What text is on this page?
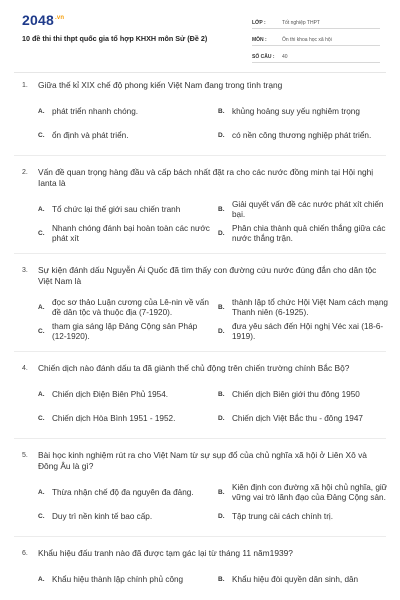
$2048^{.vn}$
10 đề thi thi thpt quốc gia tổ hợp KHXH môn Sử (Đề 2)
LỚP :	Tốt nghiệp THPT
MÔN :	Ôn thi khoa học xã hội
SỐ CÂU :	40
1. Giữa thế kỉ XIX chế độ phong kiến Việt Nam đang trong tình trạng
A. phát triển nhanh chóng.	B. khủng hoảng suy yếu nghiêm trọng
C. ổn định và phát triển.	D. có nền công thương nghiệp phát triển.
2. Vấn đề quan trọng hàng đầu và cấp bách nhất đặt ra cho các nước đồng minh tại Hội nghị Ianta là
A. Tổ chức lại thế giới sau chiến tranh	B.
Giải quyết vấn đề các nước phát xít chiến bại.
C.
Nhanh chóng đánh bại hoàn toàn các nước phát xít
D.
Phân chia thành quả chiến thắng giữa các nước thắng trận.
3. Sự kiện đánh dấu Nguyễn Ái Quốc đã tìm thấy con đường cứu nước đúng đắn cho dân tộc Việt Nam là
A.
đọc sơ thảo Luận cương của Lê-nin về vấn đề dân tộc và thuộc địa (7-1920).
B.
thành lập tổ chức Hội Việt Nam cách mạng Thanh niên (6-1925).
C.
tham gia sáng lập Đảng Cộng sản Pháp (12-1920).
D.
đưa yêu sách đến Hội nghị Véc xai (18-6-1919).
4. Chiến dịch nào đánh dấu ta đã giành thế chủ động trên chiến trường chính Bắc Bộ?
A. Chiến dịch Điện Biên Phủ 1954.	B. Chiến dịch Biên giới thu đông 1950
C. Chiến dịch Hòa Bình 1951 - 1952.	D. Chiến dịch Việt Bắc thu - đông 1947
5. Bài học kinh nghiệm rút ra cho Việt Nam từ sự sụp đổ của chủ nghĩa xã hội ở Liên Xô và Đông Âu là gì?
A. Thừa nhận chế độ đa nguyên đa đảng.	B.
Kiên định con đường xã hội chủ nghĩa, giữ vững vai trò lãnh đạo của Đảng Cộng sản.
C. Duy trì nền kinh tế bao cấp.	D. Tập trung cải cách chính trị.
6. Khẩu hiệu đấu tranh nào đã được tạm gác lại từ tháng 11 năm1939?
A. Khẩu hiệu thành lập chính phủ công	B. Khẩu hiệu đòi quyền dân sinh, dân
